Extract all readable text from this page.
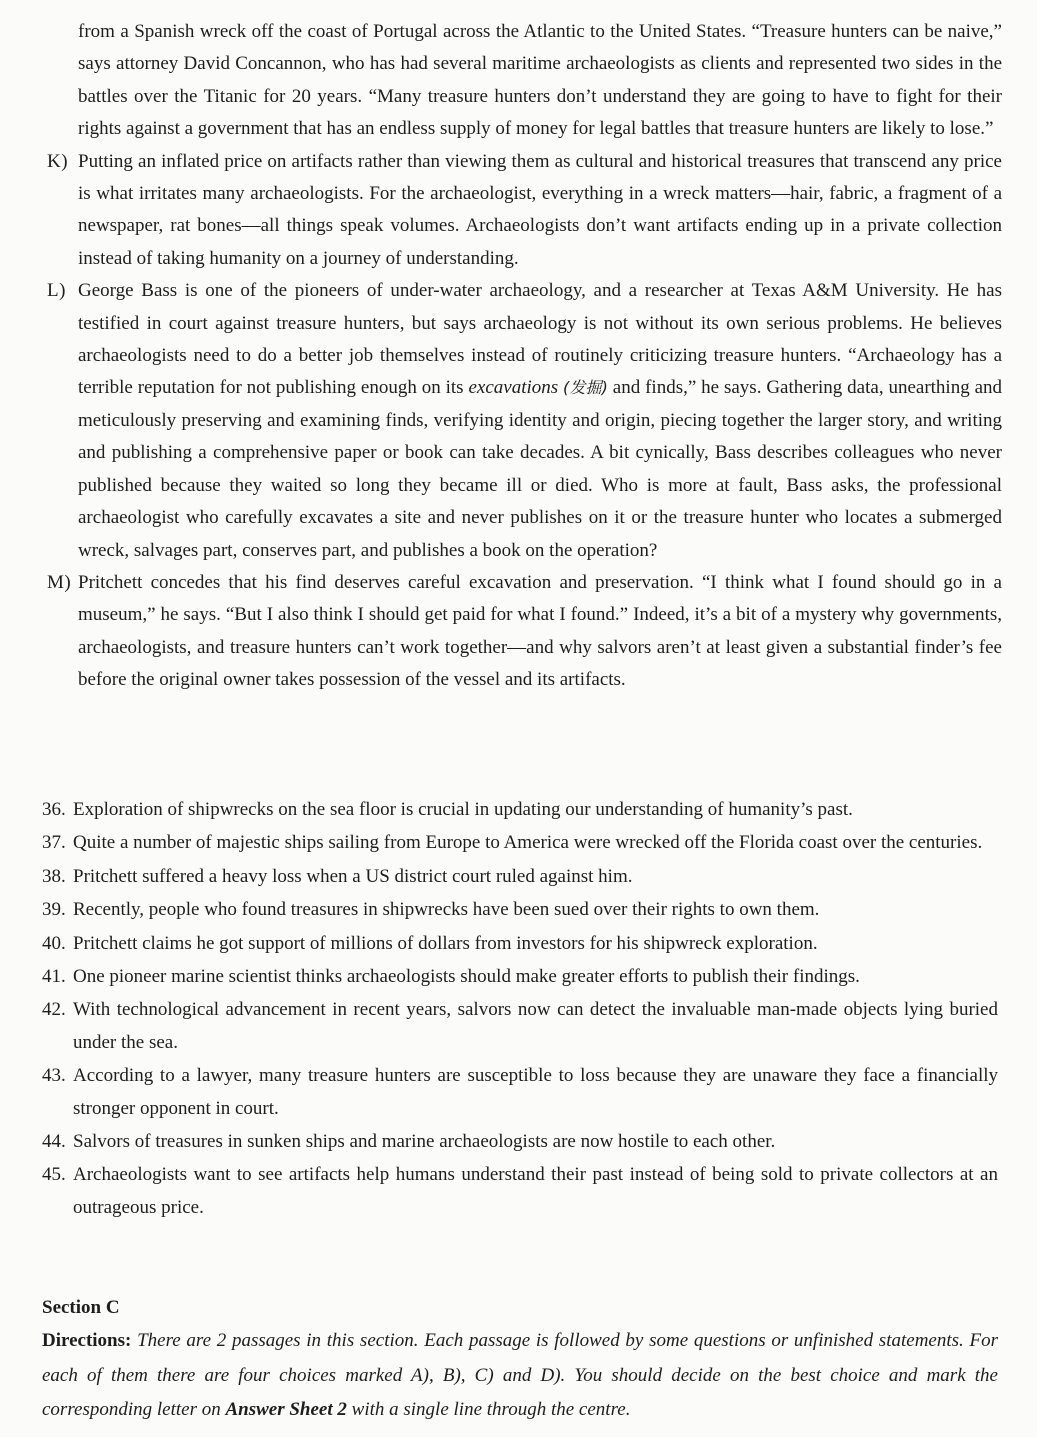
from a Spanish wreck off the coast of Portugal across the Atlantic to the United States. “Treasure hunters can be naive,” says attorney David Concannon, who has had several maritime archaeologists as clients and represented two sides in the battles over the Titanic for 20 years. “Many treasure hunters don’t understand they are going to have to fight for their rights against a government that has an endless supply of money for legal battles that treasure hunters are likely to lose.”
K) Putting an inflated price on artifacts rather than viewing them as cultural and historical treasures that transcend any price is what irritates many archaeologists. For the archaeologist, everything in a wreck matters—hair, fabric, a fragment of a newspaper, rat bones—all things speak volumes. Archaeologists don’t want artifacts ending up in a private collection instead of taking humanity on a journey of understanding.
L) George Bass is one of the pioneers of under-water archaeology, and a researcher at Texas A&M University. He has testified in court against treasure hunters, but says archaeology is not without its own serious problems. He believes archaeologists need to do a better job themselves instead of routinely criticizing treasure hunters. “Archaeology has a terrible reputation for not publishing enough on its excavations (发掘) and finds,” he says. Gathering data, unearthing and meticulously preserving and examining finds, verifying identity and origin, piecing together the larger story, and writing and publishing a comprehensive paper or book can take decades. A bit cynically, Bass describes colleagues who never published because they waited so long they became ill or died. Who is more at fault, Bass asks, the professional archaeologist who carefully excavates a site and never publishes on it or the treasure hunter who locates a submerged wreck, salvages part, conserves part, and publishes a book on the operation?
M) Pritchett concedes that his find deserves careful excavation and preservation. “I think what I found should go in a museum,” he says. “But I also think I should get paid for what I found.” Indeed, it’s a bit of a mystery why governments, archaeologists, and treasure hunters can’t work together—and why salvors aren’t at least given a substantial finder’s fee before the original owner takes possession of the vessel and its artifacts.
36. Exploration of shipwrecks on the sea floor is crucial in updating our understanding of humanity’s past.
37. Quite a number of majestic ships sailing from Europe to America were wrecked off the Florida coast over the centuries.
38. Pritchett suffered a heavy loss when a US district court ruled against him.
39. Recently, people who found treasures in shipwrecks have been sued over their rights to own them.
40. Pritchett claims he got support of millions of dollars from investors for his shipwreck exploration.
41. One pioneer marine scientist thinks archaeologists should make greater efforts to publish their findings.
42. With technological advancement in recent years, salvors now can detect the invaluable man-made objects lying buried under the sea.
43. According to a lawyer, many treasure hunters are susceptible to loss because they are unaware they face a financially stronger opponent in court.
44. Salvors of treasures in sunken ships and marine archaeologists are now hostile to each other.
45. Archaeologists want to see artifacts help humans understand their past instead of being sold to private collectors at an outrageous price.
Section C
Directions: There are 2 passages in this section. Each passage is followed by some questions or unfinished statements. For each of them there are four choices marked A), B), C) and D). You should decide on the best choice and mark the corresponding letter on Answer Sheet 2 with a single line through the centre.
